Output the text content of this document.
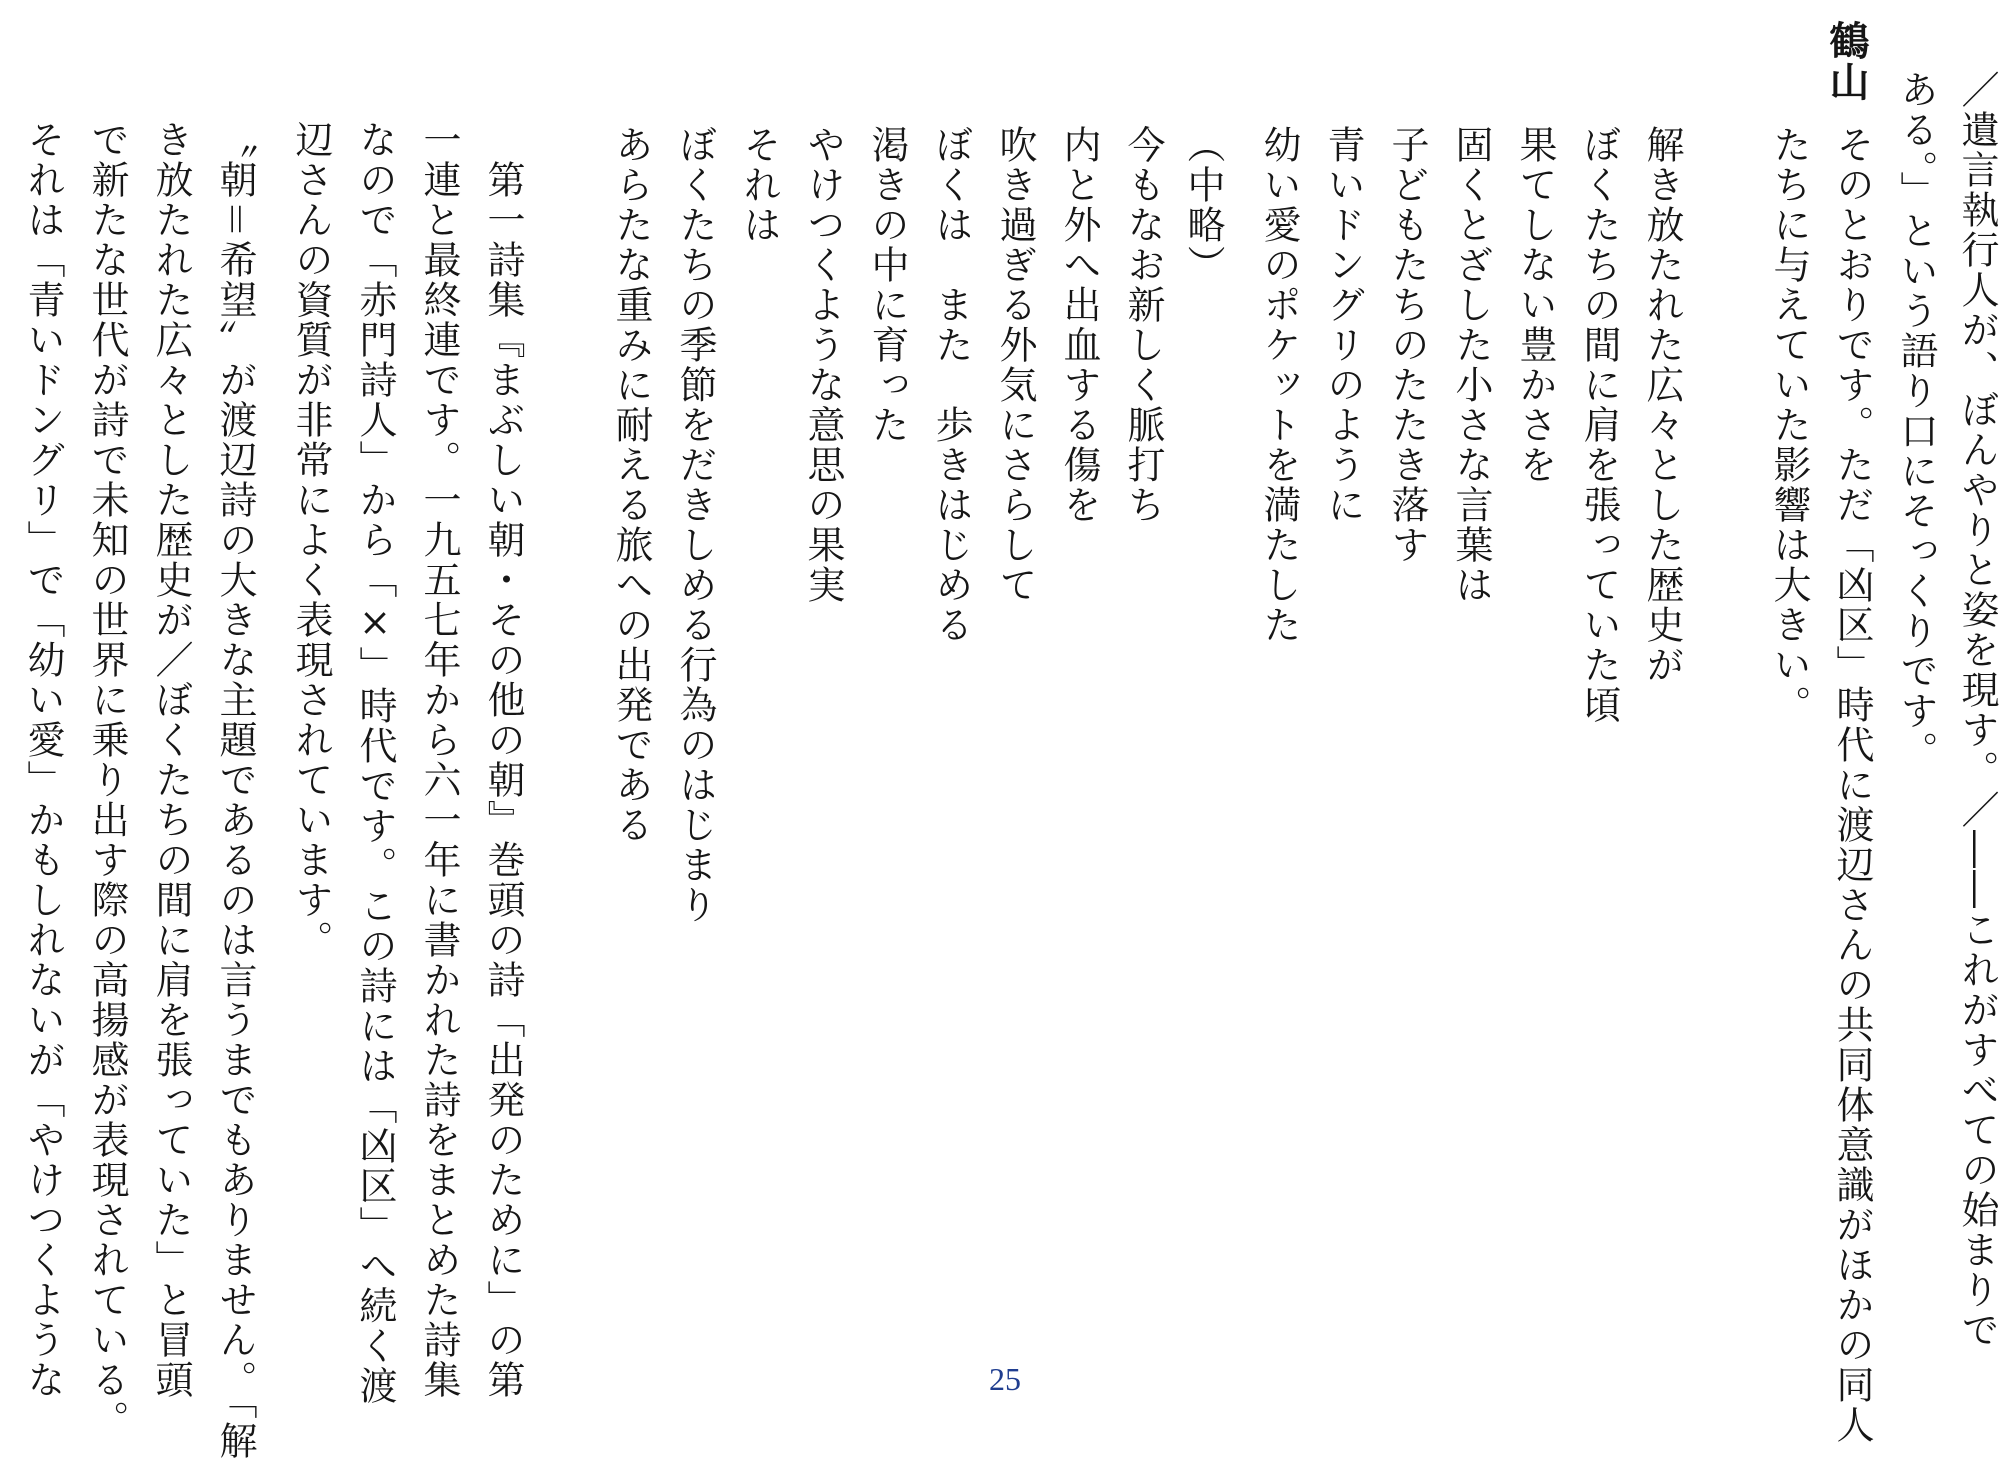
／遺言執行人が、ぼんやりと姿を現す。／――これがすべての始まりで
ある。」という語り口にそっくりです。
そのとおりです。ただ「凶区」時代に渡辺さんの共同体意識がほかの同人
たちに与えていた影響は大きい。
鶴山
解き放たれた広々とした歴史が
ぼくたちの間に肩を張っていた頃
果てしない豊かさを
固くとざした小さな言葉は
子どもたちのたたき落す
青いドングリのように
幼い愛のポケットを満たした
（中略）
今もなお新しく脈打ち
内と外へ出血する傷を
吹き過ぎる外気にさらして
ぼくは　また　歩きはじめる
渇きの中に育った
やけつくような意思の果実
それは
ぼくたちの季節をだきしめる行為のはじまり
あらたな重みに耐える旅への出発である
第一詩集『まぶしい朝・その他の朝』巻頭の詩「出発のために」の第
一連と最終連です。一九五七年から六一年に書かれた詩をまとめた詩集
なので「赤門詩人」から「×」時代です。この詩には「凶区」へ続く渡
辺さんの資質が非常によく表現されています。
〝朝＝希望〟が渡辺詩の大きな主題であるのは言うまでもありません。「解
き放たれた広々とした歴史が／ぼくたちの間に肩を張っていた」と冒頭
で新たな世代が詩で未知の世界に乗り出す際の高揚感が表現されている。
それは「青いドングリ」で「幼い愛」かもしれないが「やけつくような	25
